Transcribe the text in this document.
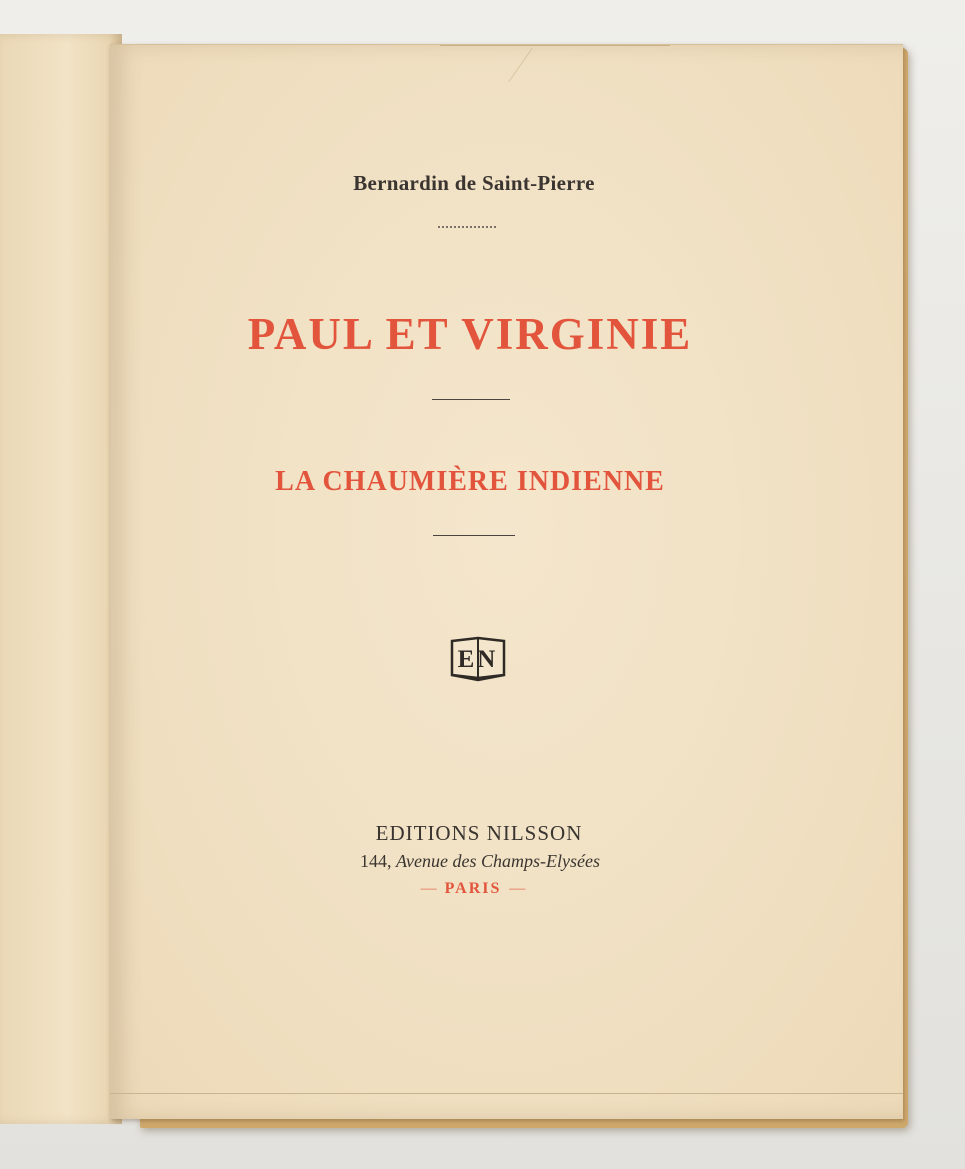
Bernardin de Saint-Pierre
PAUL ET VIRGINIE
LA CHAUMIÈRE INDIENNE
EN
EDITIONS NILSSON
144, Avenue des Champs-Elysées
—  PARIS  —
